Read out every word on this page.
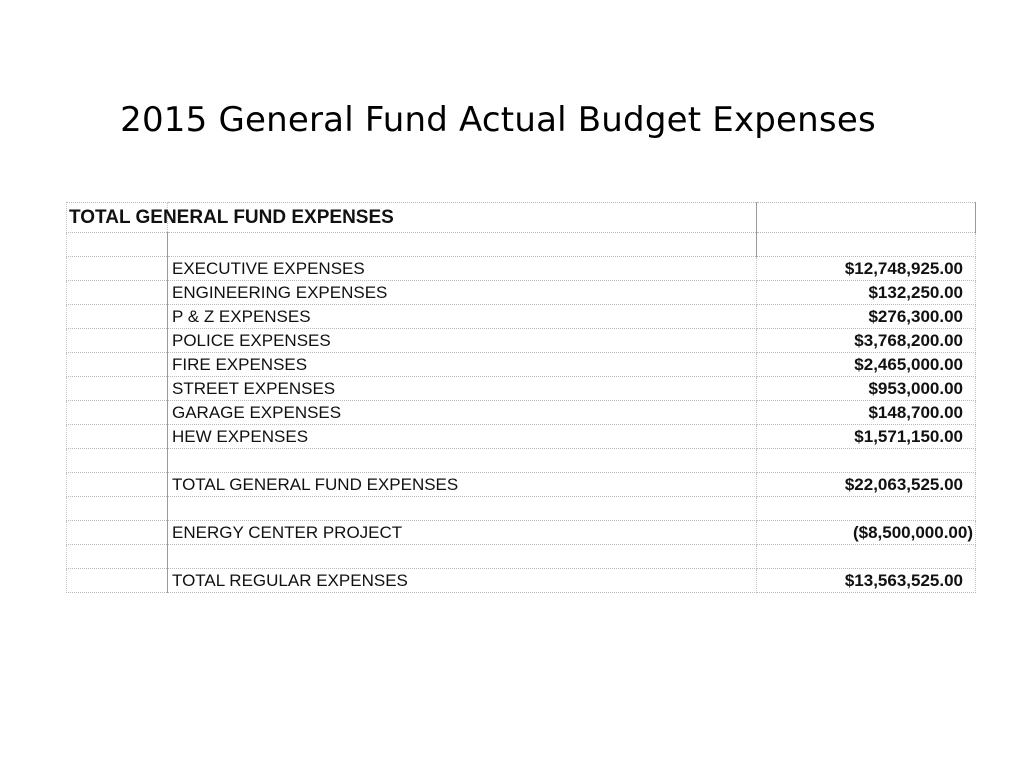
2015 General Fund Actual Budget Expenses
TOTAL GENERAL FUND EXPENSES		

	EXECUTIVE EXPENSES	$12,748,925.00
	ENGINEERING EXPENSES	$132,250.00
	P & Z EXPENSES	$276,300.00
	POLICE EXPENSES	$3,768,200.00
	FIRE EXPENSES	$2,465,000.00
	STREET EXPENSES	$953,000.00
	GARAGE EXPENSES	$148,700.00
	HEW EXPENSES	$1,571,150.00

	TOTAL GENERAL FUND EXPENSES	$22,063,525.00

	ENERGY CENTER PROJECT	($8,500,000.00)

	TOTAL REGULAR EXPENSES	$13,563,525.00
